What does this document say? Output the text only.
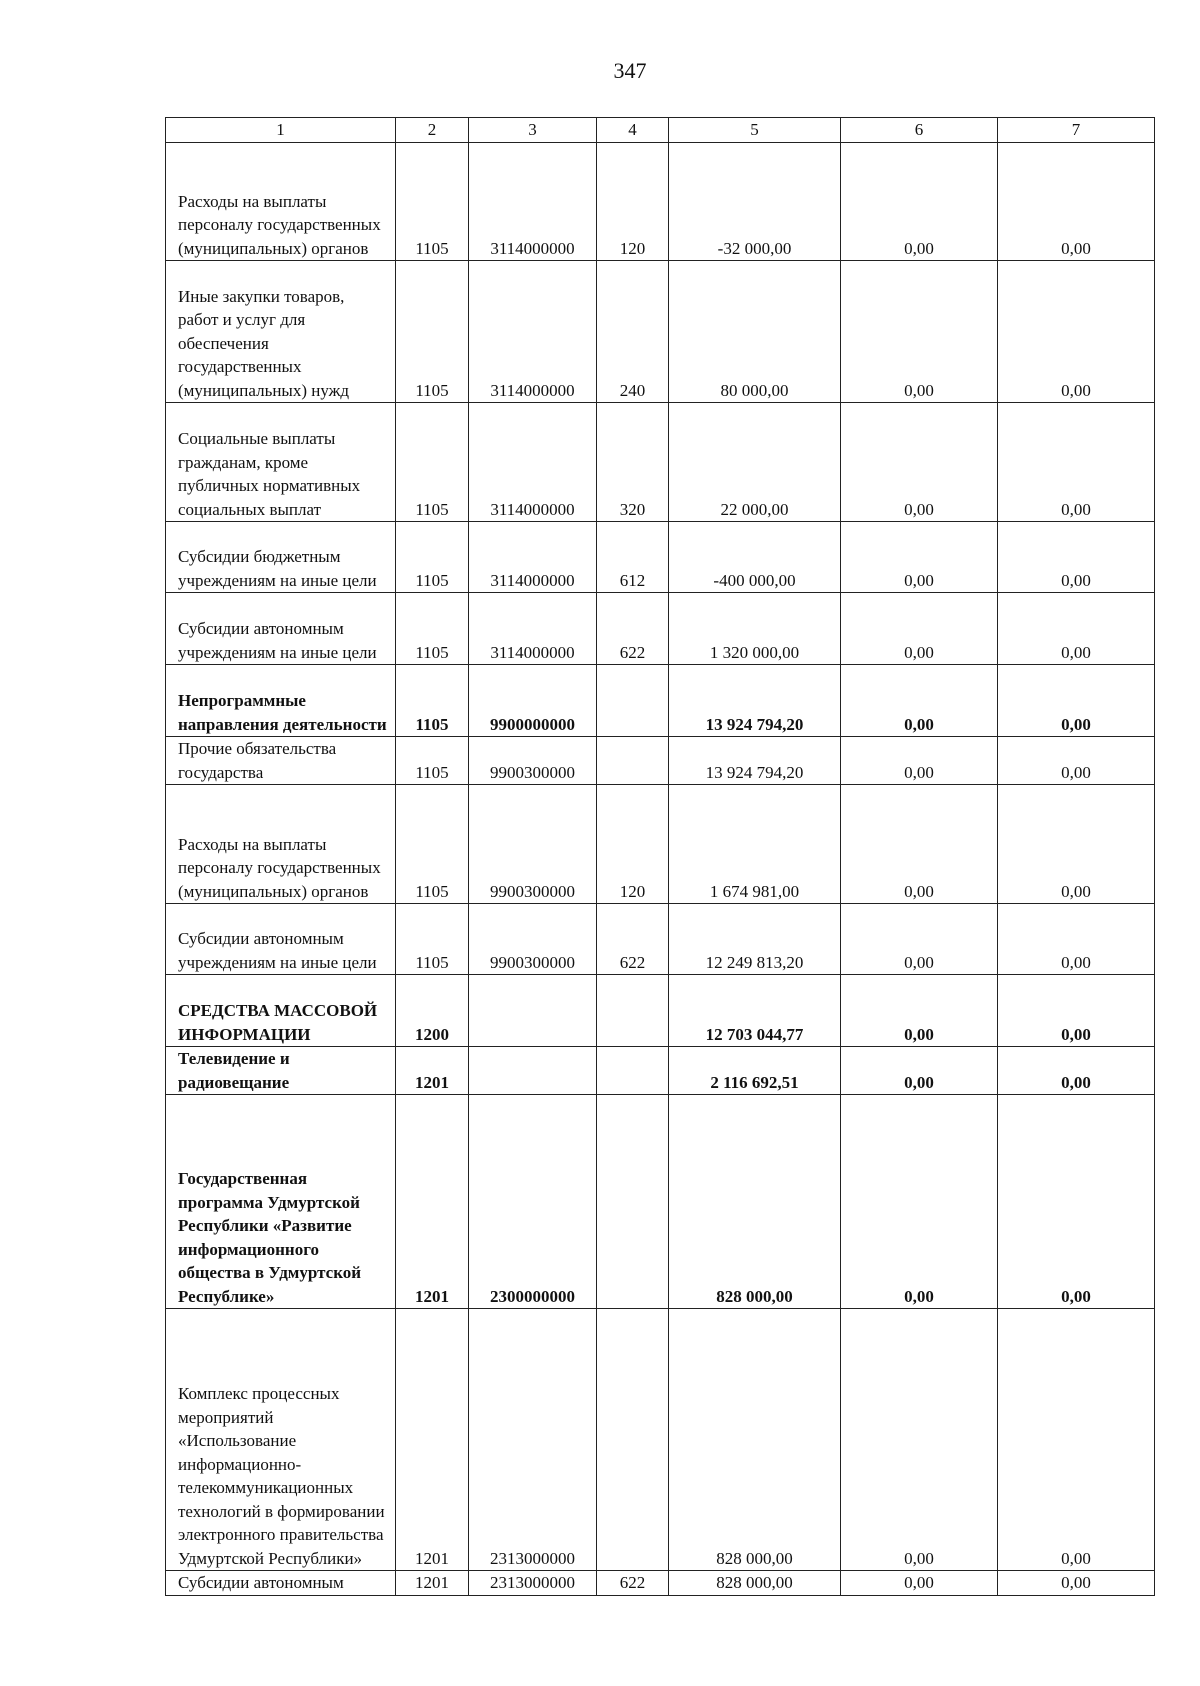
347
1	2	3	4	5	6	7
Расходы на выплаты персоналу государственных (муниципальных) органов	1105	3114000000	120	-32 000,00	0,00	0,00
Иные закупки товаров, работ и услуг для обеспечения государственных (муниципальных) нужд	1105	3114000000	240	80 000,00	0,00	0,00
Социальные выплаты гражданам, кроме публичных нормативных социальных выплат	1105	3114000000	320	22 000,00	0,00	0,00
Субсидии бюджетным учреждениям на иные цели	1105	3114000000	612	-400 000,00	0,00	0,00
Субсидии автономным учреждениям на иные цели	1105	3114000000	622	1 320 000,00	0,00	0,00
Непрограммные направления деятельности	1105	9900000000		13 924 794,20	0,00	0,00
Прочие обязательства государства	1105	9900300000		13 924 794,20	0,00	0,00
Расходы на выплаты персоналу государственных (муниципальных) органов	1105	9900300000	120	1 674 981,00	0,00	0,00
Субсидии автономным учреждениям на иные цели	1105	9900300000	622	12 249 813,20	0,00	0,00
СРЕДСТВА МАССОВОЙ ИНФОРМАЦИИ	1200			12 703 044,77	0,00	0,00
Телевидение и радиовещание	1201			2 116 692,51	0,00	0,00
Государственная программа Удмуртской Республики «Развитие информационного общества в Удмуртской Республике»	1201	2300000000		828 000,00	0,00	0,00
Комплекс процессных мероприятий «Использование информационно-телекоммуникационных технологий в формировании электронного правительства Удмуртской Республики»	1201	2313000000		828 000,00	0,00	0,00
Субсидии автономным	1201	2313000000	622	828 000,00	0,00	0,00
